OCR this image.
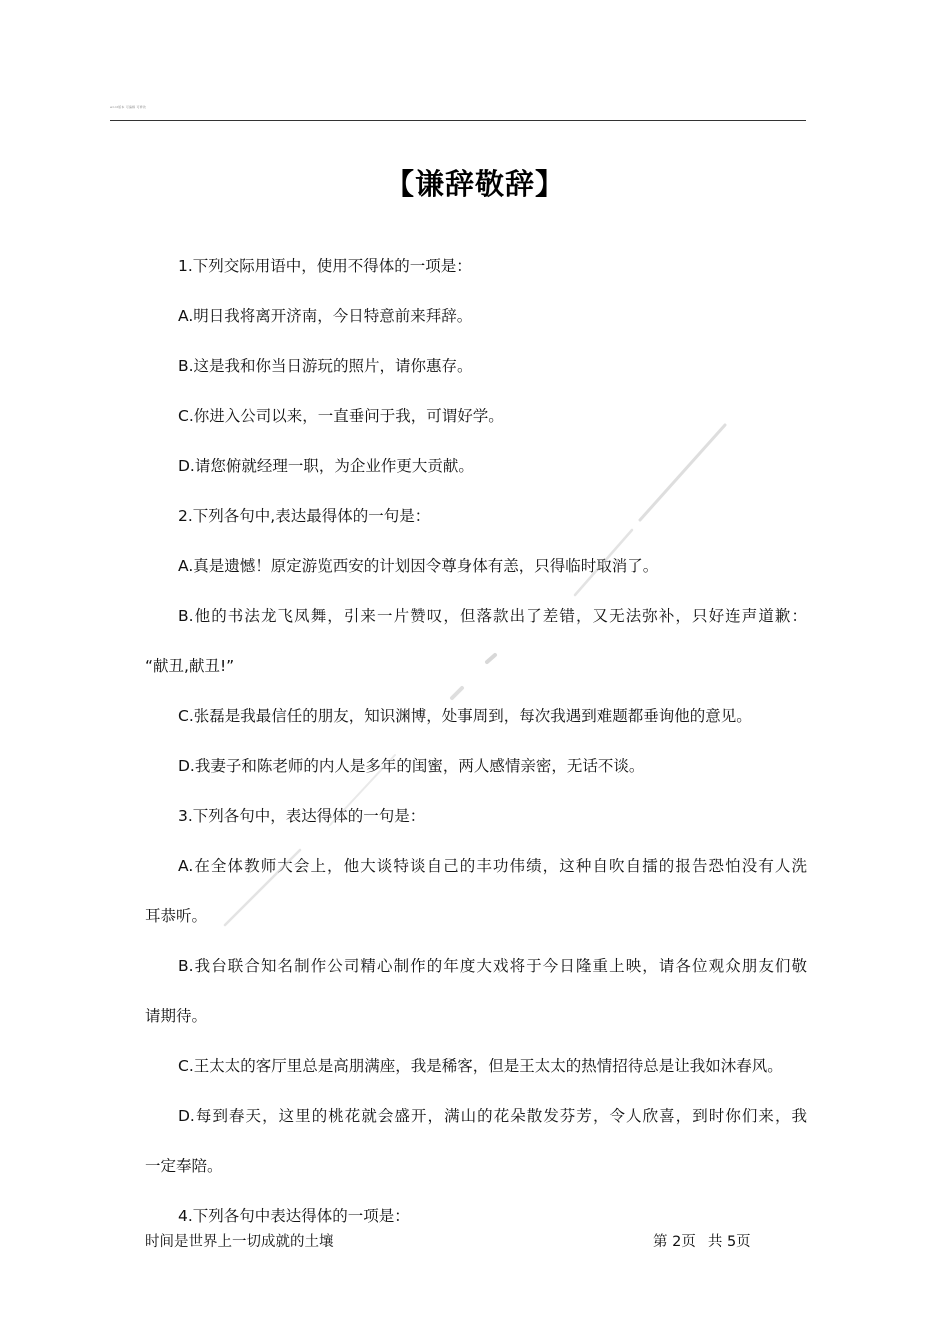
word版本 可编辑 可修改
【谦辞敬辞】
1.下列交际用语中，使用不得体的一项是：
A.明日我将离开济南，今日特意前来拜辞。
B.这是我和你当日游玩的照片，请你惠存。
C.你进入公司以来，一直垂问于我，可谓好学。
D.请您俯就经理一职，为企业作更大贡献。
2.下列各句中,表达最得体的一句是：
A.真是遗憾！原定游览西安的计划因令尊身体有恙，只得临时取消了。
B.他的书法龙飞凤舞，引来一片赞叹，但落款出了差错，又无法弥补，只好连声道歉：
“献丑,献丑!”
C.张磊是我最信任的朋友，知识渊博，处事周到，每次我遇到难题都垂询他的意见。
D.我妻子和陈老师的内人是多年的闺蜜，两人感情亲密，无话不谈。
3.下列各句中，表达得体的一句是：
A.在全体教师大会上，他大谈特谈自己的丰功伟绩，这种自吹自擂的报告恐怕没有人洗
耳恭听。
B.我台联合知名制作公司精心制作的年度大戏将于今日隆重上映，请各位观众朋友们敬
请期待。
C.王太太的客厅里总是高朋满座，我是稀客，但是王太太的热情招待总是让我如沐春风。
D.每到春天，这里的桃花就会盛开，满山的花朵散发芬芳，令人欣喜，到时你们来，我
一定奉陪。
4.下列各句中表达得体的一项是：
时间是世界上一切成就的土壤	第 2页 共 5页
